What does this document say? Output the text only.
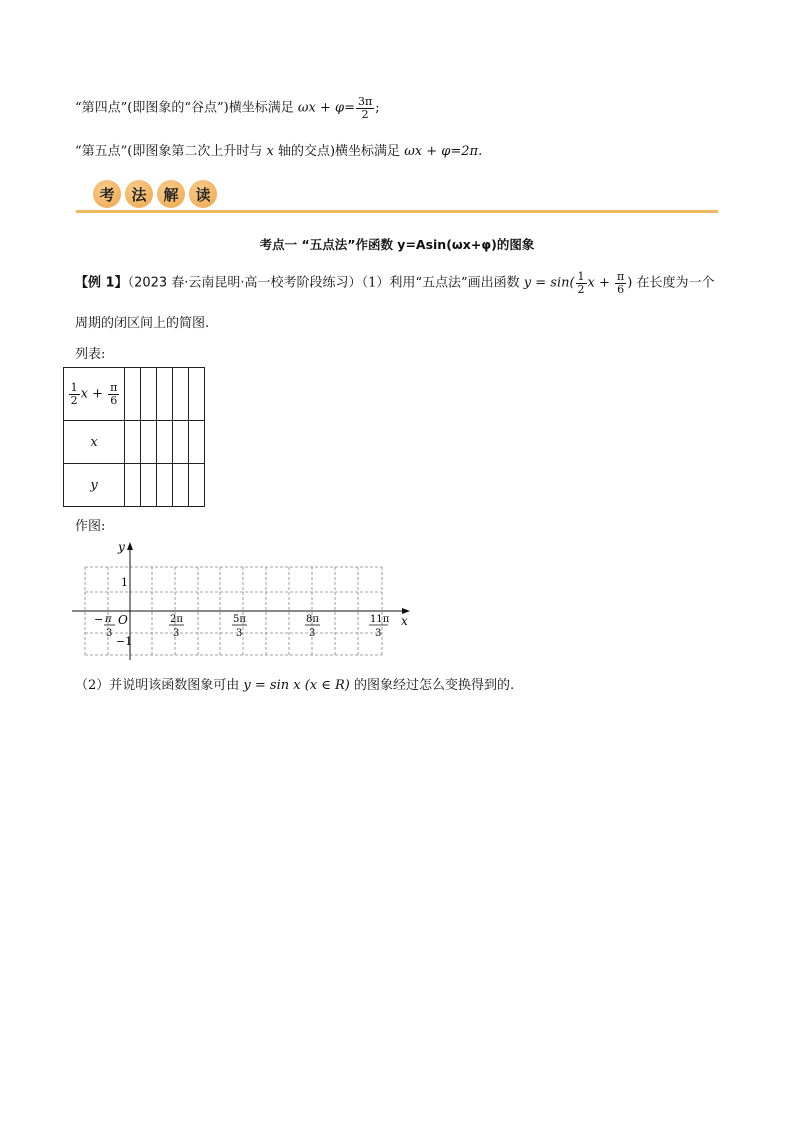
“第四点”(即图象的“谷点”)横坐标满足 $\omega x + \varphi= \frac{3\pi}{2}$ ;
“第五点”(即图象第二次上升时与 x 轴的交点)横坐标满足 ωx + φ=2π.
考	法	解	读
考点一 “五点法”作函数 y=Asin(ωx+φ)的图象
【例 1】（2023 春·云南昆明·高一校考阶段练习）（1）利用“五点法”画出函数 $y = \sin( \frac{1}{2}$ $x + \frac{\pi}{6}$ ) 在长度为一个
周期的闭区间上的简图.
列表:
$\frac{1}{2}$ $x + \frac{\pi}{6}$

x					
y					
作图:
y
x
O
1
−1
− π
3
2π
3
5π
3
8π
3
11π
3
（2）并说明该函数图象可由 y = sin x (x ∈ R) 的图象经过怎么变换得到的.
